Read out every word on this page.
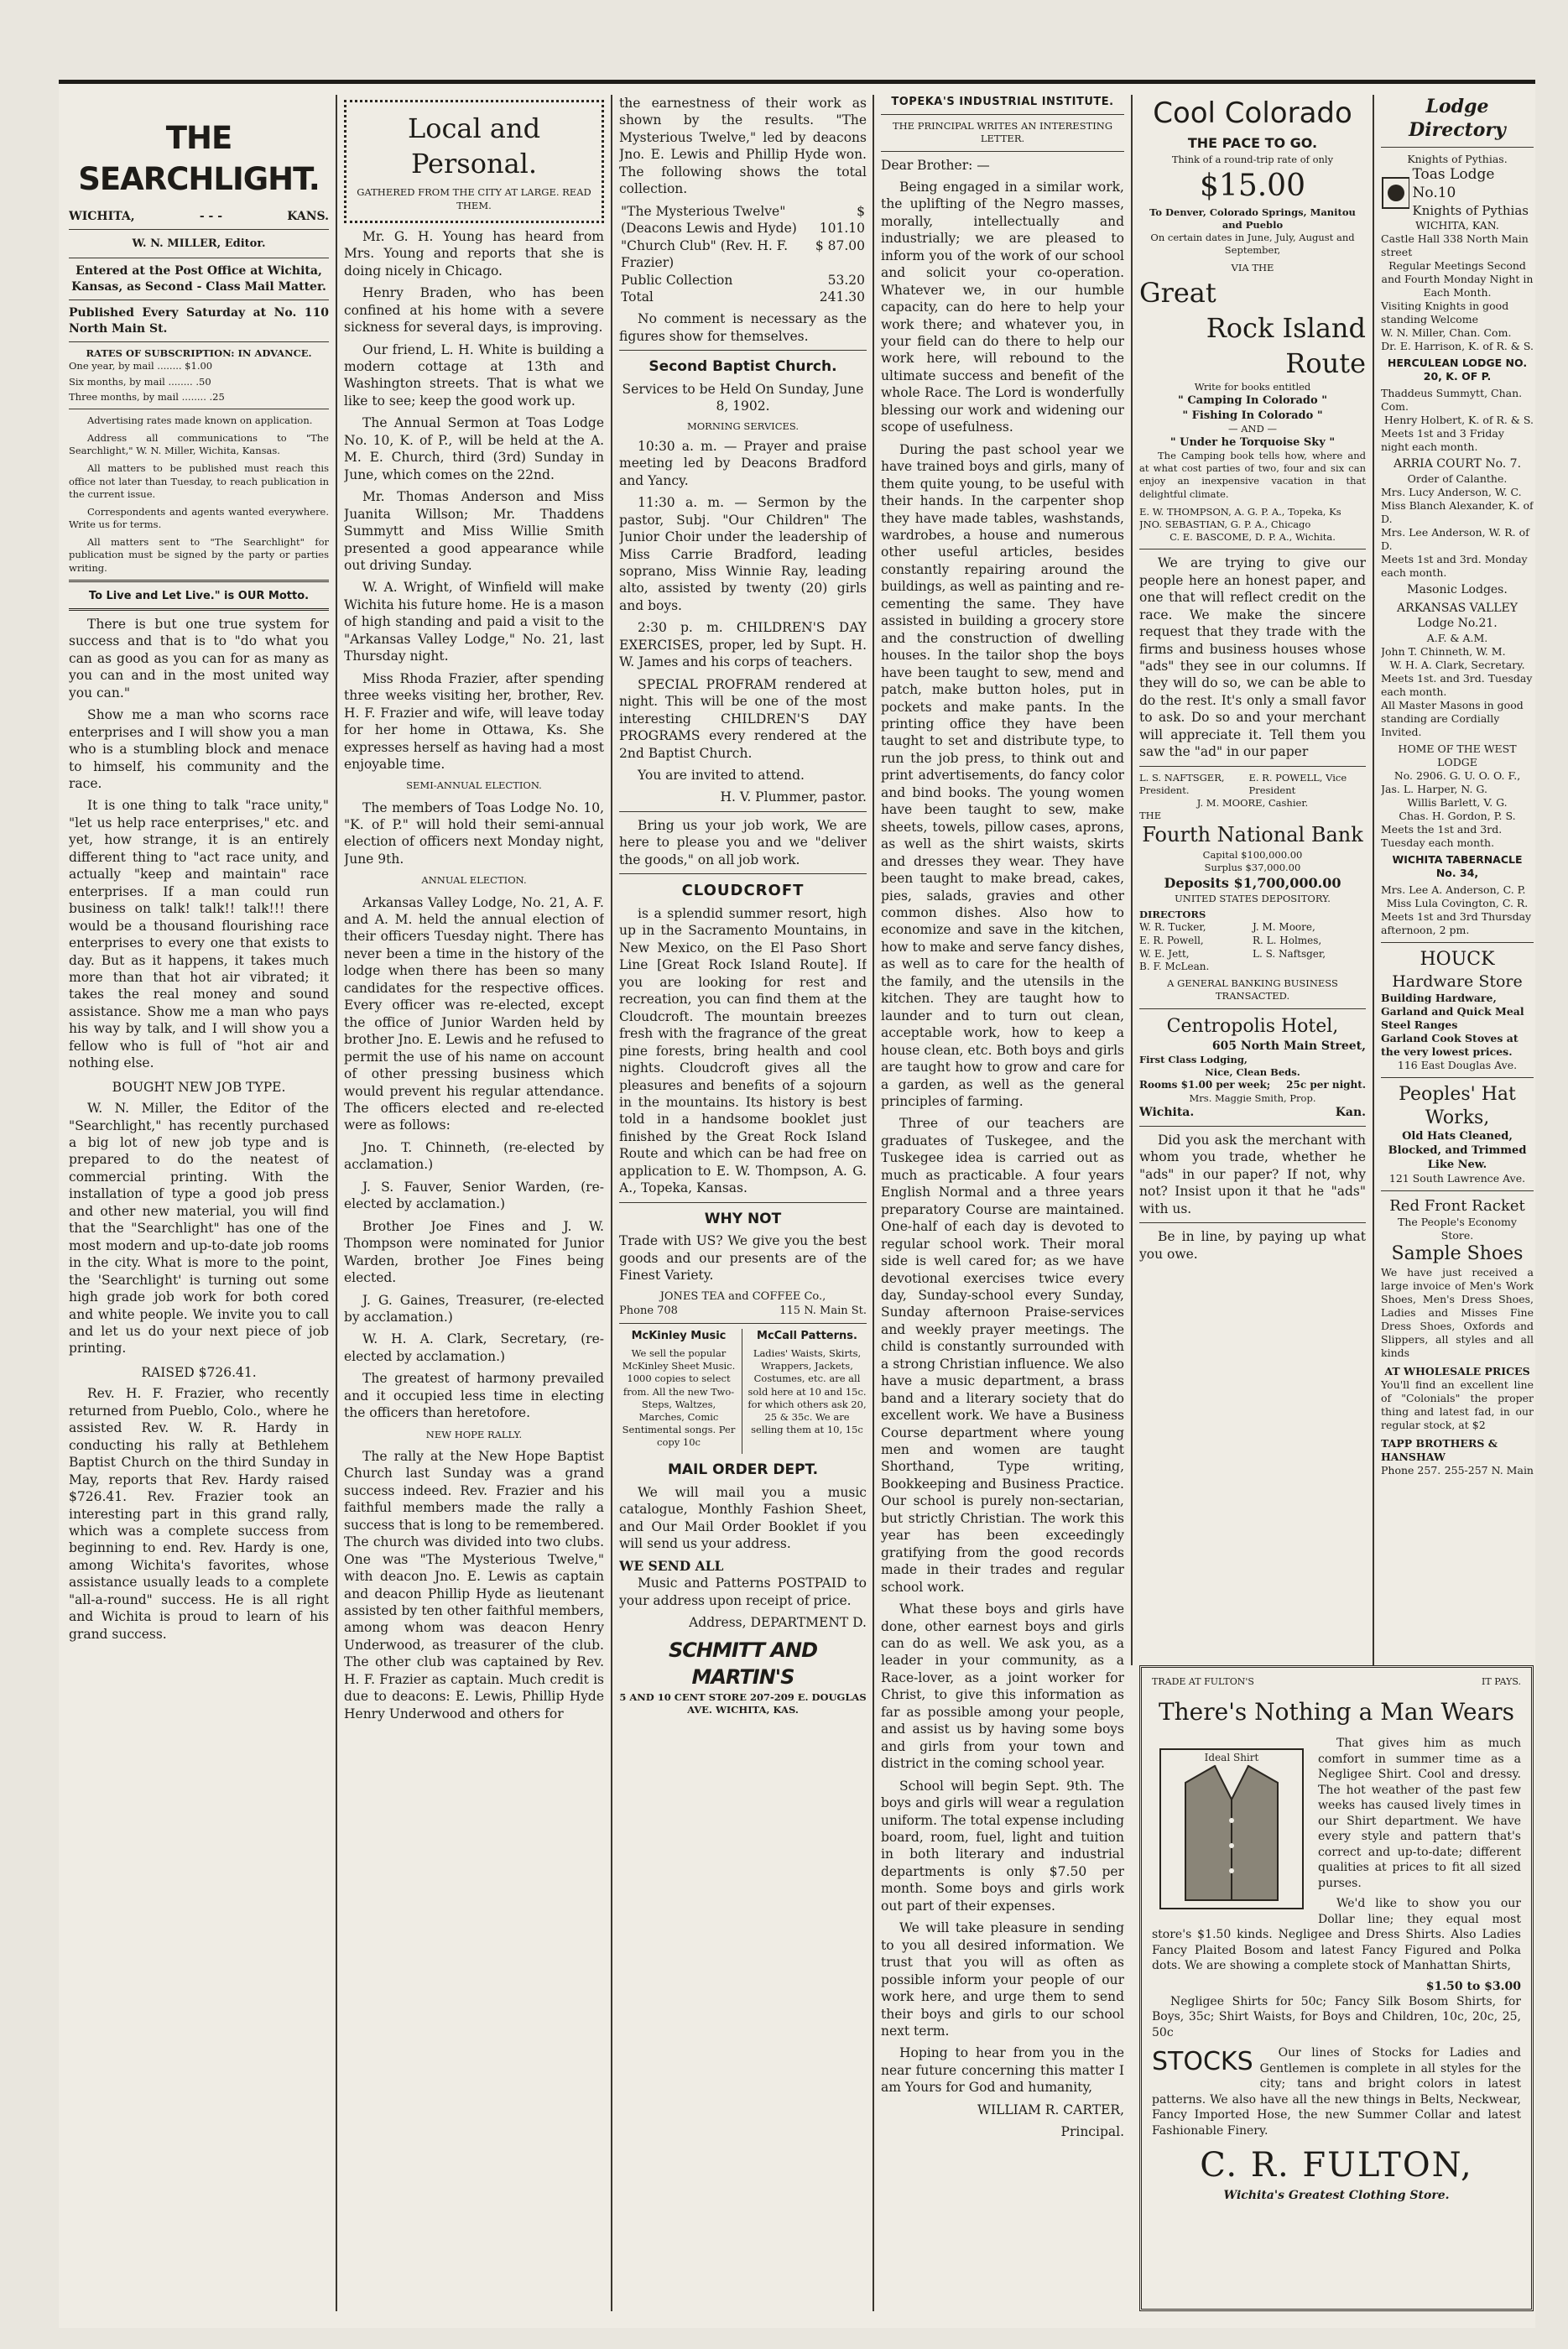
THE SEARCHLIGHT.
WICHITA,	- - -	KANS.
W. N. MILLER, Editor.

Entered at the Post Office at Wichita, Kansas, as Second - Class Mail Matter.

Published Every Saturday at No. 110 North Main St.

RATES OF SUBSCRIPTION: IN ADVANCE.
One year, by mail ........ $1.00
Six months, by mail ........ .50
Three months, by mail ........ .25

Advertising rates made known on application.

Address all communications to "The Searchlight," W. N. Miller, Wichita, Kansas.

All matters to be published must reach this office not later than Tuesday, to reach publication in the current issue.

Correspondents and agents wanted everywhere. Write us for terms.

All matters sent to "The Searchlight" for publication must be signed by the party or parties writing.

To Live and Let Live." is OUR Motto.

There is but one true system for success and that is to "do what you can as good as you can for as many as you can and in the most united way you can."

Show me a man who scorns race enterprises and I will show you a man who is a stumbling block and menace to himself, his community and the race.

It is one thing to talk "race unity," "let us help race enterprises," etc. and yet, how strange, it is an entirely different thing to "act race unity, and actually "keep and maintain" race enterprises. If a man could run business on talk! talk!! talk!!! there would be a thousand flourishing race enterprises to every one that exists to day. But as it happens, it takes much more than that hot air vibrated; it takes the real money and sound assistance. Show me a man who pays his way by talk, and I will show you a fellow who is full of "hot air and nothing else.

BOUGHT NEW JOB TYPE.

W. N. Miller, the Editor of the "Searchlight," has recently purchased a big lot of new job type and is prepared to do the neatest of commercial printing. With the installation of type a good job press and other new material, you will find that the "Searchlight" has one of the most modern and up-to-date job rooms in the city. What is more to the point, the 'Searchlight' is turning out some high grade job work for both cored and white people. We invite you to call and let us do your next piece of job printing.

RAISED $726.41.

Rev. H. F. Frazier, who recently returned from Pueblo, Colo., where he assisted Rev. W. R. Hardy in conducting his rally at Bethlehem Baptist Church on the third Sunday in May, reports that Rev. Hardy raised $726.41. Rev. Frazier took an interesting part in this grand rally, which was a complete success from beginning to end. Rev. Hardy is one, among Wichita's favorites, whose assistance usually leads to a complete "all-a-round" success. He is all right and Wichita is proud to learn of his grand success.

Local and Personal.
GATHERED FROM THE CITY AT LARGE. READ THEM.

Mr. G. H. Young has heard from Mrs. Young and reports that she is doing nicely in Chicago.

Henry Braden, who has been confined at his home with a severe sickness for several days, is improving.

Our friend, L. H. White is building a modern cottage at 13th and Washington streets. That is what we like to see; keep the good work up.

The Annual Sermon at Toas Lodge No. 10, K. of P., will be held at the A. M. E. Church, third (3rd) Sunday in June, which comes on the 22nd.

Mr. Thomas Anderson and Miss Juanita Willson; Mr. Thaddens Summytt and Miss Willie Smith presented a good appearance while out driving Sunday.

W. A. Wright, of Winfield will make Wichita his future home. He is a mason of high standing and paid a visit to the "Arkansas Valley Lodge," No. 21, last Thursday night.

Miss Rhoda Frazier, after spending three weeks visiting her, brother, Rev. H. F. Frazier and wife, will leave today for her home in Ottawa, Ks. She expresses herself as having had a most enjoyable time.

SEMI-ANNUAL ELECTION.

The members of Toas Lodge No. 10, "K. of P." will hold their semi-annual election of officers next Monday night, June 9th.

ANNUAL ELECTION.

Arkansas Valley Lodge, No. 21, A. F. and A. M. held the annual election of their officers Tuesday night. There has never been a time in the history of the lodge when there has been so many candidates for the respective offices. Every officer was re-elected, except the office of Junior Warden held by brother Jno. E. Lewis and he refused to permit the use of his name on account of other pressing business which would prevent his regular attendance. The officers elected and re-elected were as follows:

Jno. T. Chinneth, (re-elected by acclamation.)

J. S. Fauver, Senior Warden, (re-elected by acclamation.)

Brother Joe Fines and J. W. Thompson were nominated for Junior Warden, brother Joe Fines being elected.

J. G. Gaines, Treasurer, (re-elected by acclamation.)

W. H. A. Clark, Secretary, (re-elected by acclamation.)

The greatest of harmony prevailed and it occupied less time in electing the officers than heretofore.

NEW HOPE RALLY.

The rally at the New Hope Baptist Church last Sunday was a grand success indeed. Rev. Frazier and his faithful members made the rally a success that is long to be remembered. The church was divided into two clubs. One was "The Mysterious Twelve," with deacon Jno. E. Lewis as captain and deacon Phillip Hyde as lieutenant assisted by ten other faithful members, among whom was deacon Henry Underwood, as treasurer of the club. The other club was captained by Rev. H. F. Frazier as captain. Much credit is due to deacons: E. Lewis, Phillip Hyde Henry Underwood and others for

the earnestness of their work as shown by the results. "The Mysterious Twelve," led by deacons Jno. E. Lewis and Phillip Hyde won. The following shows the total collection.

"The Mysterious Twelve" (Deacons Lewis and Hyde)	$ 101.10
"Church Club" (Rev. H. F. Frazier)	$ 87.00
Public Collection	53.20
Total	241.30

No comment is necessary as the figures show for themselves.

Second Baptist Church.

Services to be Held On Sunday, June 8, 1902.

MORNING SERVICES.

10:30 a. m. — Prayer and praise meeting led by Deacons Bradford and Yancy.

11:30 a. m. — Sermon by the pastor, Subj. "Our Children" The Junior Choir under the leadership of Miss Carrie Bradford, leading soprano, Miss Winnie Ray, leading alto, assisted by twenty (20) girls and boys.

2:30 p. m. CHILDREN'S DAY EXERCISES, proper, led by Supt. H. W. James and his corps of teachers.

SPECIAL PROFRAM rendered at night. This will be one of the most interesting CHILDREN'S DAY PROGRAMS every rendered at the 2nd Baptist Church.

You are invited to attend.

H. V. Plummer, pastor.

Bring us your job work, We are here to please you and we "deliver the goods," on all job work.

CLOUDCROFT

is a splendid summer resort, high up in the Sacramento Mountains, in New Mexico, on the El Paso Short Line [Great Rock Island Route]. If you are looking for rest and recreation, you can find them at the Cloudcroft. The mountain breezes fresh with the fragrance of the great pine forests, bring health and cool nights. Cloudcroft gives all the pleasures and benefits of a sojourn in the mountains. Its history is best told in a handsome booklet just finished by the Great Rock Island Route and which can be had free on application to E. W. Thompson, A. G. A., Topeka, Kansas.

WHY NOT

Trade with US? We give you the best goods and our presents are of the Finest Variety.

JONES TEA and COFFEE Co.,
Phone 708	115 N. Main St.
McKinley Music

We sell the popular McKinley Sheet Music. 1000 copies to select from. All the new Two-Steps, Waltzes, Marches, Comic Sentimental songs. Per copy 10c

McCall Patterns.

Ladies' Waists, Skirts, Wrappers, Jackets, Costumes, etc. are all sold here at 10 and 15c. for which others ask 20, 25 & 35c. We are selling them at 10, 15c

MAIL ORDER DEPT.

We will mail you a music catalogue, Monthly Fashion Sheet, and Our Mail Order Booklet if you will send us your address.

WE SEND ALL

Music and Patterns POSTPAID to your address upon receipt of price.

Address, DEPARTMENT D.

SCHMITT AND MARTIN'S
5 AND 10 CENT STORE 207-209 E. DOUGLAS AVE. WICHITA, KAS.
TOPEKA'S INDUSTRIAL INSTITUTE.
THE PRINCIPAL WRITES AN INTERESTING LETTER.

Dear Brother: —

Being engaged in a similar work, the uplifting of the Negro masses, morally, intellectually and industrially; we are pleased to inform you of the work of our school and solicit your co-operation. Whatever we, in our humble capacity, can do here to help your work there; and whatever you, in your field can do there to help our work here, will rebound to the ultimate success and benefit of the whole Race. The Lord is wonderfully blessing our work and widening our scope of usefulness.

During the past school year we have trained boys and girls, many of them quite young, to be useful with their hands. In the carpenter shop they have made tables, washstands, wardrobes, a house and numerous other useful articles, besides constantly repairing around the buildings, as well as painting and re-cementing the same. They have assisted in building a grocery store and the construction of dwelling houses. In the tailor shop the boys have been taught to sew, mend and patch, make button holes, put in pockets and make pants. In the printing office they have been taught to set and distribute type, to run the job press, to think out and print advertisements, do fancy color and bind books. The young women have been taught to sew, make sheets, towels, pillow cases, aprons, as well as the shirt waists, skirts and dresses they wear. They have been taught to make bread, cakes, pies, salads, gravies and other common dishes. Also how to economize and save in the kitchen, how to make and serve fancy dishes, as well as to care for the health of the family, and the utensils in the kitchen. They are taught how to launder and to turn out clean, acceptable work, how to keep a house clean, etc. Both boys and girls are taught how to grow and care for a garden, as well as the general principles of farming.

Three of our teachers are graduates of Tuskegee, and the Tuskegee idea is carried out as much as practicable. A four years English Normal and a three years preparatory Course are maintained. One-half of each day is devoted to regular school work. Their moral side is well cared for; as we have devotional exercises twice every day, Sunday-school every Sunday, Sunday afternoon Praise-services and weekly prayer meetings. The child is constantly surrounded with a strong Christian influence. We also have a music department, a brass band and a literary society that do excellent work. We have a Business Course department where young men and women are taught Shorthand, Type writing, Bookkeeping and Business Practice. Our school is purely non-sectarian, but strictly Christian. The work this year has been exceedingly gratifying from the good records made in their trades and regular school work.

What these boys and girls have done, other earnest boys and girls can do as well. We ask you, as a leader in your community, as a Race-lover, as a joint worker for Christ, to give this information as far as possible among your people, and assist us by having some boys and girls from your town and district in the coming school year.

School will begin Sept. 9th. The boys and girls will wear a regulation uniform. The total expense including board, room, fuel, light and tuition in both literary and industrial departments is only $7.50 per month. Some boys and girls work out part of their expenses.

We will take pleasure in sending to you all desired information. We trust that you will as often as possible inform your people of our work here, and urge them to send their boys and girls to our school next term.

Hoping to hear from you in the near future concerning this matter I am Yours for God and humanity,

WILLIAM R. CARTER,

Principal.

Cool Colorado
THE PACE TO GO.
Think of a round-trip rate of only
$15.00
To Denver, Colorado Springs, Manitou and Pueblo
On certain dates in June, July, August and September,
VIA THE
Great
Rock Island
Route
Write for books entitled
" Camping In Colorado "
" Fishing In Colorado "
— AND —
" Under he Torquoise Sky "

The Camping book tells how, where and at what cost parties of two, four and six can enjoy an inexpensive vacation in that delightful climate.

E. W. THOMPSON, A. G. P. A., Topeka, Ks
JNO. SEBASTIAN, G. P. A., Chicago
C. E. BASCOME, D. P. A., Wichita.

We are trying to give our people here an honest paper, and one that will reflect credit on the race. We make the sincere request that they trade with the firms and business houses whose "ads" they see in our columns. If they will do so, we can be able to do the rest. It's only a small favor to ask. Do so and your merchant will appreciate it. Tell them you saw the "ad" in our paper

L. S. NAFTSGER, President.
E. R. POWELL, Vice President
J. M. MOORE, Cashier.
THE
Fourth National Bank
Capital $100,000.00
Surplus $37,000.00
Deposits $1,700,000.00
UNITED STATES DEPOSITORY.
DIRECTORS
W. R. Tucker,	J. M. Moore,
E. R. Powell,	R. L. Holmes,
W. E. Jett,	L. S. Naftsger,
B. F. McLean.
A GENERAL BANKING BUSINESS TRANSACTED.
Centropolis Hotel,
605 North Main Street,
First Class Lodging,
Nice, Clean Beds.
Rooms $1.00 per week; 25c per night.
Mrs. Maggie Smith, Prop.
Wichita.	Kan.

Did you ask the merchant with whom you trade, whether he "ads" in our paper? If not, why not? Insist upon it that he "ads" with us.

Be in line, by paying up what you owe.

Lodge Directory
Knights of Pythias.
Toas Lodge No.10
Knights of Pythias
WICHITA, KAN.
Castle Hall 338 North Main street
Regular Meetings Second and Fourth Monday Night in Each Month.
Visiting Knights in good standing Welcome
W. N. Miller, Chan. Com.
Dr. E. Harrison, K. of R. & S.
HERCULEAN LODGE NO. 20, K. OF P.
Thaddeus Summytt, Chan. Com.
Henry Holbert, K. of R. & S.
Meets 1st and 3 Friday night each month.
ARRIA COURT No. 7.
Order of Calanthe.
Mrs. Lucy Anderson, W. C.
Miss Blanch Alexander, K. of D.
Mrs. Lee Anderson, W. R. of D.
Meets 1st and 3rd. Monday each month.
Masonic Lodges.
ARKANSAS VALLEY Lodge No.21.
A.F. & A.M.
John T. Chinneth, W. M.
W. H. A. Clark, Secretary.
Meets 1st. and 3rd. Tuesday each month.
All Master Masons in good standing are Cordially Invited.
HOME OF THE WEST LODGE
No. 2906. G. U. O. O. F.,
Jas. L. Harper, N. G.
Willis Barlett, V. G.
Chas. H. Gordon, P. S.
Meets the 1st and 3rd. Tuesday each month.
WICHITA TABERNACLE No. 34,
Mrs. Lee A. Anderson, C. P.
Miss Lula Covington, C. R.
Meets 1st and 3rd Thursday afternoon, 2 pm.
HOUCK
Hardware Store
Building Hardware, Garland and Quick Meal Steel Ranges
Garland Cook Stoves at the very lowest prices.
116 East Douglas Ave.
Peoples' Hat
Works,
Old Hats Cleaned, Blocked, and Trimmed Like New.
121 South Lawrence Ave.
Red Front Racket
The People's Economy Store.
Sample Shoes

We have just received a large invoice of Men's Work Shoes, Men's Dress Shoes, Ladies and Misses Fine Dress Shoes, Oxfords and Slippers, all styles and all kinds

AT WHOLESALE PRICES

You'll find an excellent line of "Colonials" the proper thing and latest fad, in our regular stock, at $2

TAPP BROTHERS & HANSHAW
Phone 257. 255-257 N. Main
TRADE AT FULTON'S	IT PAYS.
There's Nothing a Man Wears
Ideal Shirt

That gives him as much comfort in summer time as a Negligee Shirt. Cool and dressy. The hot weather of the past few weeks has caused lively times in our Shirt department. We have every style and pattern that's correct and up-to-date; different qualities at prices to fit all sized purses.

We'd like to show you our Dollar line; they equal most store's $1.50 kinds. Negligee and Dress Shirts. Also Ladies Fancy Plaited Bosom and latest Fancy Figured and Polka dots. We are showing a complete stock of Manhattan Shirts,

$1.50 to $3.00

Negligee Shirts for 50c; Fancy Silk Bosom Shirts, for Boys, 35c; Shirt Waists, for Boys and Children, 10c, 20c, 25, 50c

STOCKS	Our lines of Stocks for Ladies and Gentlemen is complete in all styles for the city; tans and bright colors in latest patterns. We also have all the new things in Belts, Neckwear, Fancy Imported Hose, the new Summer Collar and latest Fashionable Finery.

C. R. FULTON,
Wichita's Greatest Clothing Store.
